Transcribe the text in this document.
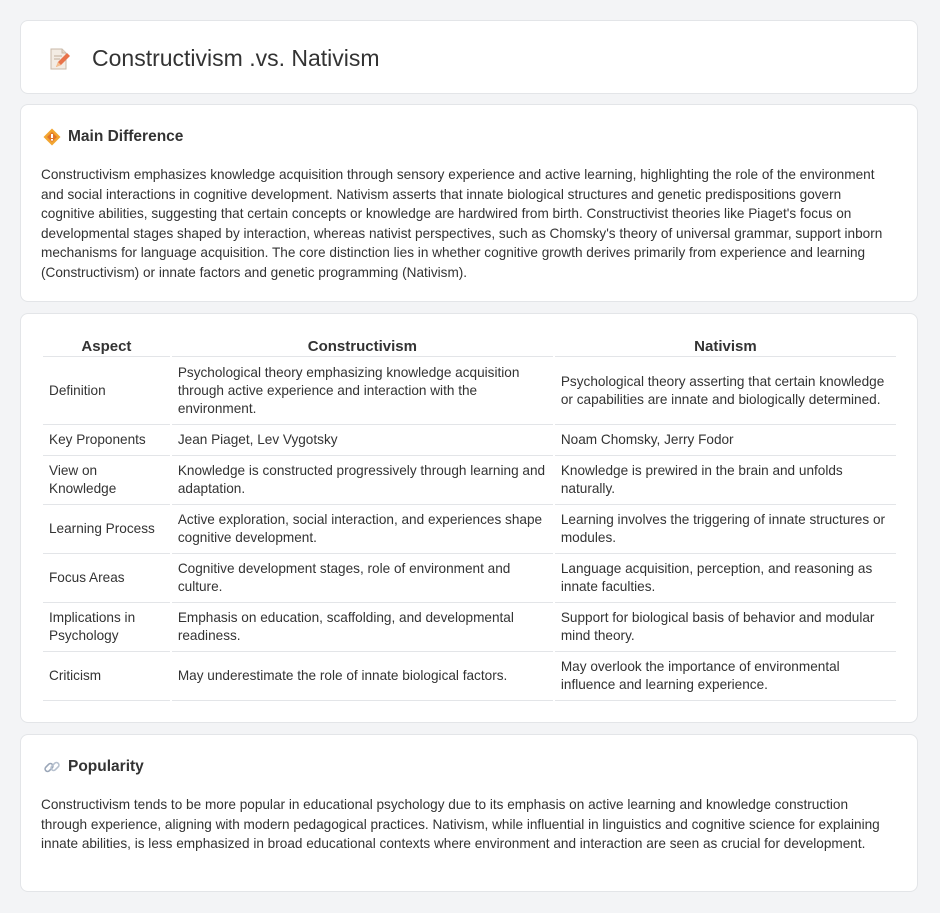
Constructivism .vs. Nativism
Main Difference
Constructivism emphasizes knowledge acquisition through sensory experience and active learning, highlighting the role of the environment and social interactions in cognitive development. Nativism asserts that innate biological structures and genetic predispositions govern cognitive abilities, suggesting that certain concepts or knowledge are hardwired from birth. Constructivist theories like Piaget's focus on developmental stages shaped by interaction, whereas nativist perspectives, such as Chomsky's theory of universal grammar, support inborn mechanisms for language acquisition. The core distinction lies in whether cognitive growth derives primarily from experience and learning (Constructivism) or innate factors and genetic programming (Nativism).
Aspect	Constructivism	Nativism
Definition	Psychological theory emphasizing knowledge acquisition through active experience and interaction with the environment.	Psychological theory asserting that certain knowledge or capabilities are innate and biologically determined.
Key Proponents	Jean Piaget, Lev Vygotsky	Noam Chomsky, Jerry Fodor
View on Knowledge	Knowledge is constructed progressively through learning and adaptation.	Knowledge is prewired in the brain and unfolds naturally.
Learning Process	Active exploration, social interaction, and experiences shape cognitive development.	Learning involves the triggering of innate structures or modules.
Focus Areas	Cognitive development stages, role of environment and culture.	Language acquisition, perception, and reasoning as innate faculties.
Implications in Psychology	Emphasis on education, scaffolding, and developmental readiness.	Support for biological basis of behavior and modular mind theory.
Criticism	May underestimate the role of innate biological factors.	May overlook the importance of environmental influence and learning experience.
Popularity
Constructivism tends to be more popular in educational psychology due to its emphasis on active learning and knowledge construction through experience, aligning with modern pedagogical practices. Nativism, while influential in linguistics and cognitive science for explaining innate abilities, is less emphasized in broad educational contexts where environment and interaction are seen as crucial for development.
